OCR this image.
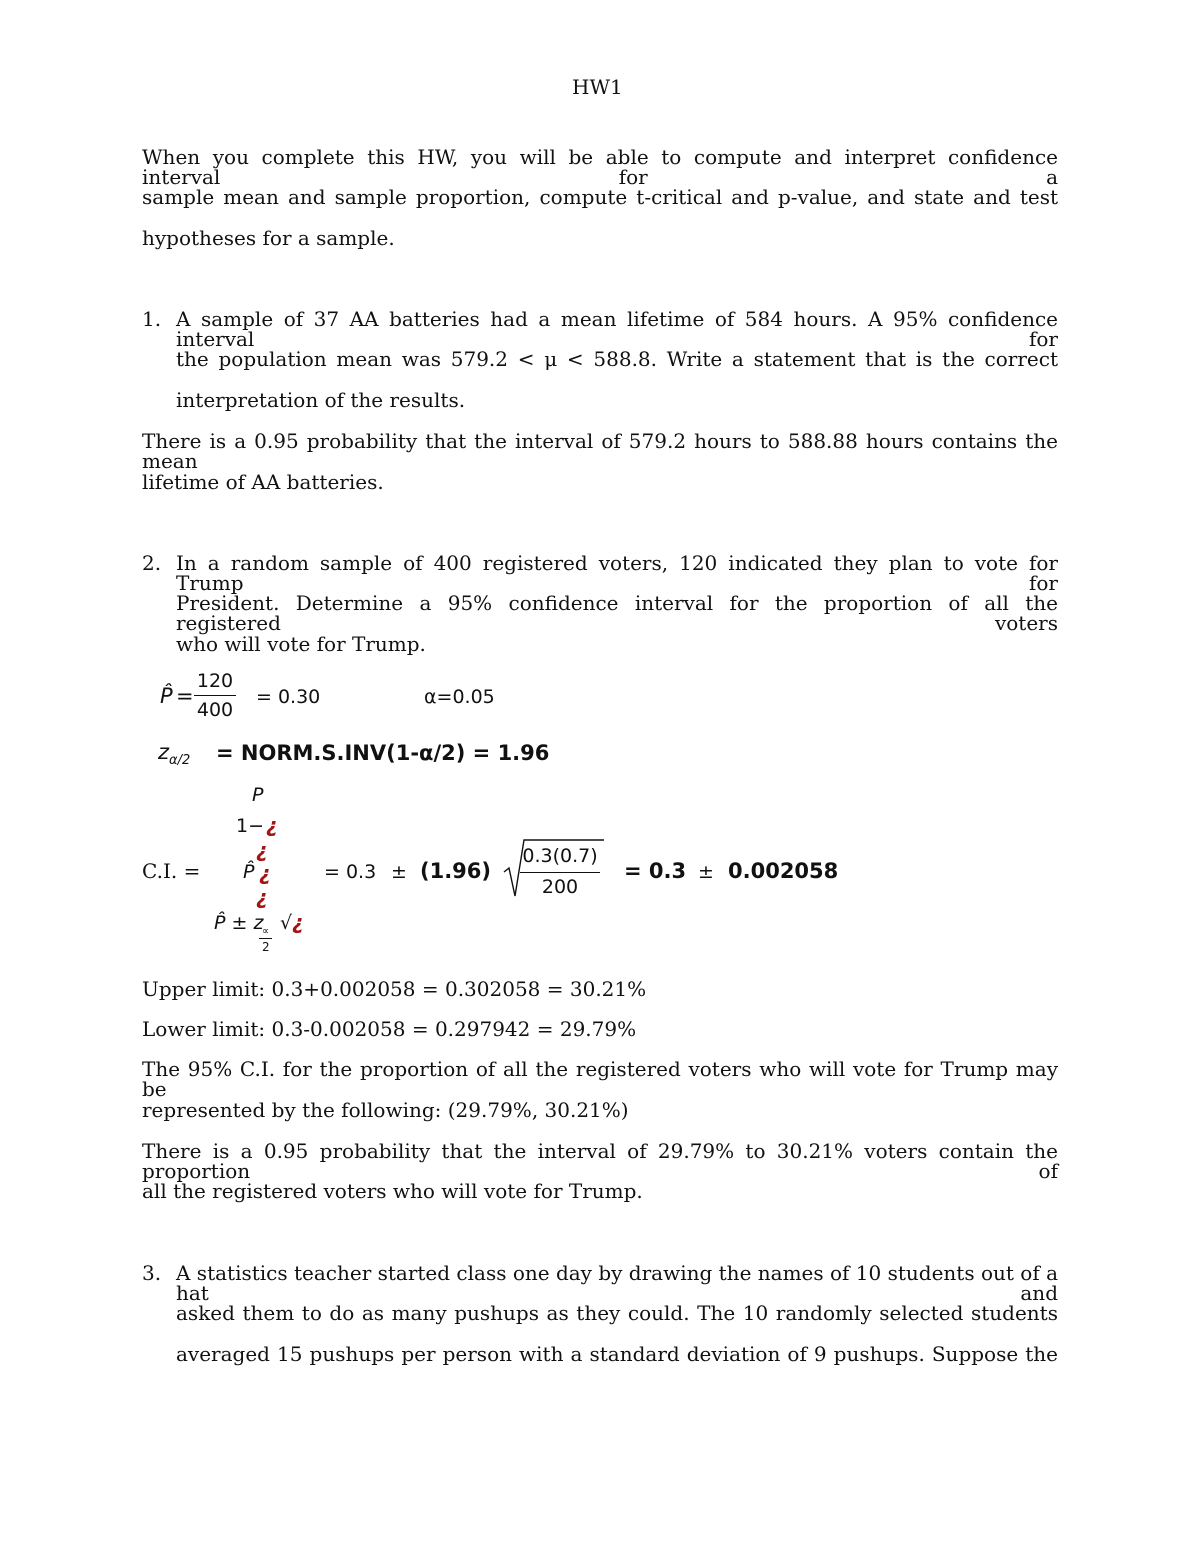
HW1
When you complete this HW, you will be able to compute and interpret confidence interval for a
sample mean and sample proportion, compute t-critical and p-value, and state and test
hypotheses for a sample.
1. A sample of 37 AA batteries had a mean lifetime of 584 hours. A 95% confidence interval for
the population mean was 579.2 < μ < 588.8. Write a statement that is the correct
interpretation of the results.
There is a 0.95 probability that the interval of 579.2 hours to 588.88 hours contains the mean
lifetime of AA batteries.
2. In a random sample of 400 registered voters, 120 indicated they plan to vote for Trump for
President. Determine a 95% confidence interval for the proportion of all the registered voters
who will vote for Trump.
P̂ =
120
400
= 0.30	α=0.05
z α/2 = NORM.S.INV(1-α/2) = 1.96
C.I. =
P
1− ¿
¿
P̂ ¿
¿
P̂ ± z
∝
2
√ ¿
= 0.3 ± (1.96)
0.3(0.7)
200
= 0.3 ± 0.002058
Upper limit: 0.3+0.002058 = 0.302058 = 30.21%
Lower limit: 0.3-0.002058 = 0.297942 = 29.79%
The 95% C.I. for the proportion of all the registered voters who will vote for Trump may be
represented by the following: (29.79%, 30.21%)
There is a 0.95 probability that the interval of 29.79% to 30.21% voters contain the proportion of
all the registered voters who will vote for Trump.
3. A statistics teacher started class one day by drawing the names of 10 students out of a hat and
asked them to do as many pushups as they could. The 10 randomly selected students
averaged 15 pushups per person with a standard deviation of 9 pushups. Suppose the
